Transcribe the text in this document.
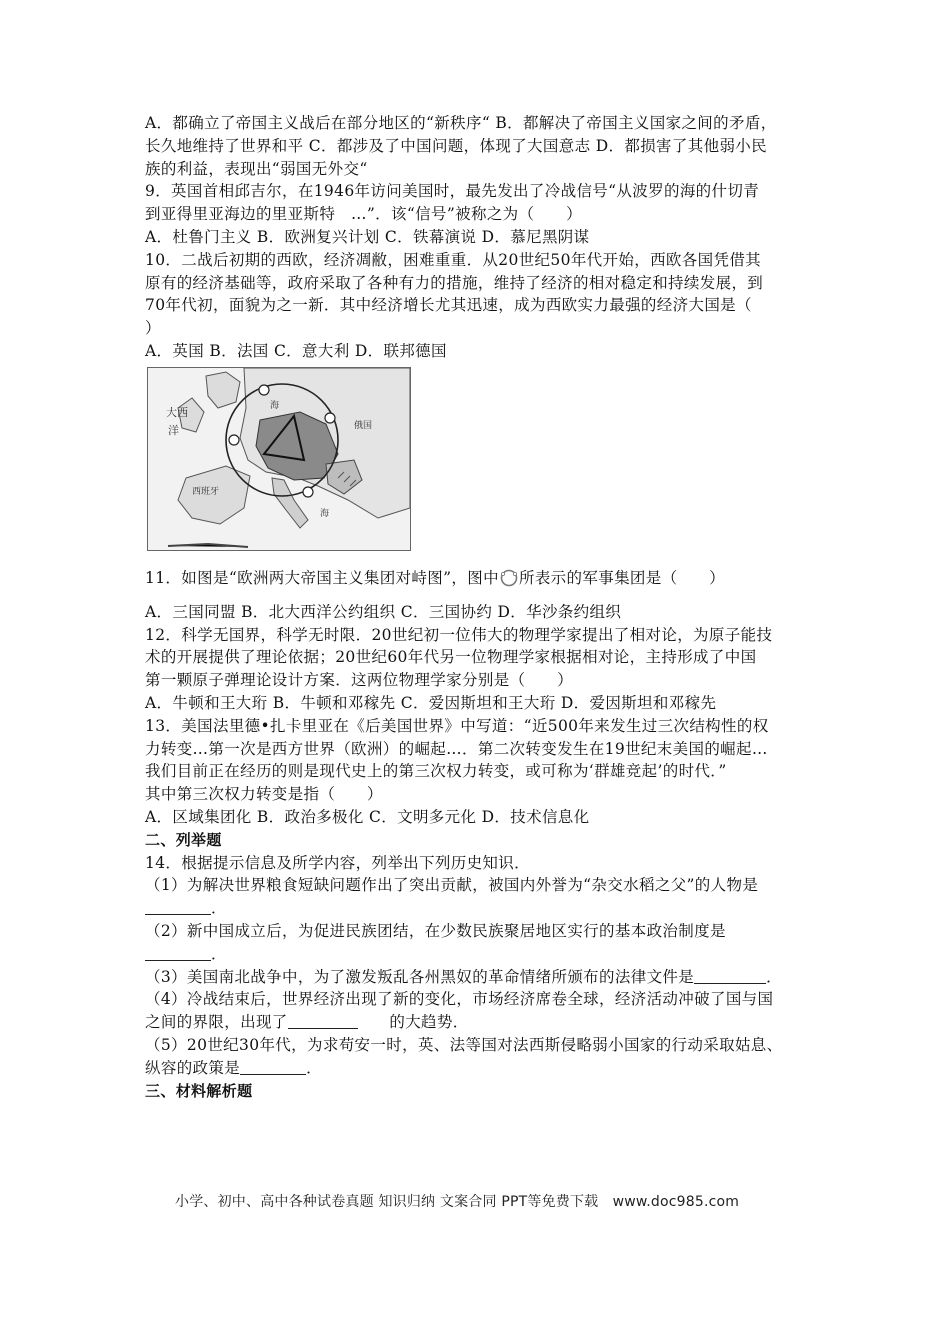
A．都确立了帝国主义战后在部分地区的“新秩序“ B．都解决了帝国主义国家之间的矛盾，
长久地维持了世界和平 C．都涉及了中国问题，体现了大国意志 D．都损害了其他弱小民
族的利益，表现出“弱国无外交“
9．英国首相邱吉尔，在1946年访问美国时，最先发出了冷战信号“从波罗的海的什切青
到亚得里亚海边的里亚斯特　…”．该“信号”被称之为（　　）
A．杜鲁门主义 B．欧洲复兴计划 C．铁幕演说 D．慕尼黑阴谋
10．二战后初期的西欧，经济凋敝，困难重重．从20世纪50年代开始，西欧各国凭借其
原有的经济基础等，政府采取了各种有力的措施，维持了经济的相对稳定和持续发展，到
70年代初，面貌为之一新．其中经济增长尤其迅速，成为西欧实力最强的经济大国是（
）
A．英国 B．法国 C．意大利 D．联邦德国
大西
洋
西班牙
俄国
海
海
11．如图是“欧洲两大帝国主义集团对峙图”，图中 所表示的军事集团是（　　）
A．三国同盟 B．北大西洋公约组织 C．三国协约 D．华沙条约组织
12．科学无国界，科学无时限．20世纪初一位伟大的物理学家提出了相对论，为原子能技
术的开展提供了理论依据；20世纪60年代另一位物理学家根据相对论，主持形成了中国
第一颗原子弹理论设计方案．这两位物理学家分别是（　　）
A．牛顿和王大珩 B．牛顿和邓稼先 C．爱因斯坦和王大珩 D．爱因斯坦和邓稼先
13．美国法里德•扎卡里亚在《后美国世界》中写道：“近500年来发生过三次结构性的权
力转变…第一次是西方世界（欧洲）的崛起…．第二次转变发生在19世纪末美国的崛起…
我们目前正在经历的则是现代史上的第三次权力转变，或可称为‘群雄竞起’的时代．”
其中第三次权力转变是指（　　）
A．区域集团化 B．政治多极化 C．文明多元化 D．技术信息化
二、列举题
14．根据提示信息及所学内容，列举出下列历史知识．
（1）为解决世界粮食短缺问题作出了突出贡献，被国内外誉为“杂交水稻之父”的人物是
．
（2）新中国成立后，为促进民族团结，在少数民族聚居地区实行的基本政治制度是
．
（3）美国南北战争中，为了激发叛乱各州黑奴的革命情绪所颁布的法律文件是	．
（4）冷战结束后，世界经济出现了新的变化，市场经济席卷全球，经济活动冲破了国与国
之间的界限，出现了	　　的大趋势．
（5）20世纪30年代，为求苟安一时，英、法等国对法西斯侵略弱小国家的行动采取姑息、
纵容的政策是	．
三、材料解析题
小学、初中、高中各种试卷真题 知识归纳 文案合同 PPT等免费下载　www.doc985.com
